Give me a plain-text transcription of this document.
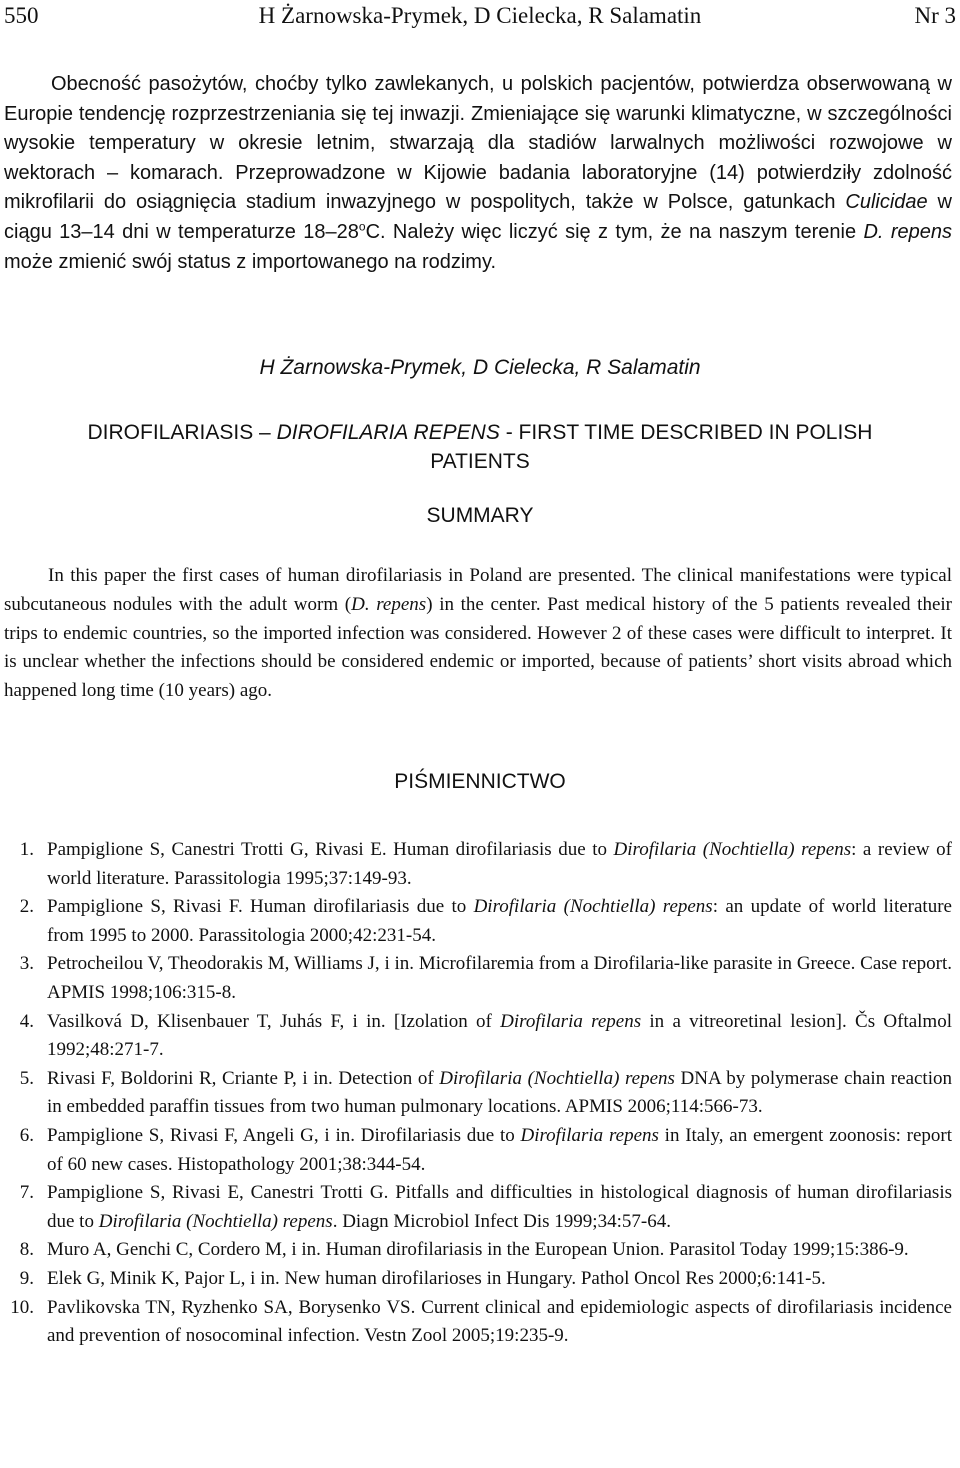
550	H Żarnowska-Prymek, D Cielecka, R Salamatin	Nr 3

Obecność pasożytów, choćby tylko zawlekanych, u polskich pacjentów, potwierdza obserwowaną w Europie tendencję rozprzestrzeniania się tej inwazji. Zmieniające się warunki klimatyczne, w szczególności wysokie temperatury w okresie letnim, stwarzają dla stadiów larwalnych możliwości rozwojowe w wektorach – komarach. Przeprowadzone w Kijowie badania laboratoryjne (14) potwierdziły zdolność mikrofilarii do osiągnięcia stadium inwazyjnego w pospolitych, także w Polsce, gatunkach Culicidae w ciągu 13–14 dni w temperaturze 18–28$^o$C. Należy więc liczyć się z tym, że na naszym terenie D. repens może zmienić swój status z importowanego na rodzimy.

H Żarnowska-Prymek, D Cielecka, R Salamatin
DIROFILARIASIS – DIROFILARIA REPENS - FIRST TIME DESCRIBED IN POLISH PATIENTS
SUMMARY

In this paper the first cases of human dirofilariasis in Poland are presented. The clinical manifestations were typical subcutaneous nodules with the adult worm (D. repens) in the center. Past medical history of the 5 patients revealed their trips to endemic countries, so the imported infection was considered. However 2 of these cases were difficult to interpret. It is unclear whether the infections should be considered endemic or imported, because of patients’ short visits abroad which happened long time (10 years) ago.

PIŚMIENNICTWO
1. Pampiglione S, Canestri Trotti G, Rivasi E. Human dirofilariasis due to Dirofilaria (Nochtiella) repens: a review of world literature. Parassitologia 1995;37:149-93.
2. Pampiglione S, Rivasi F. Human dirofilariasis due to Dirofilaria (Nochtiella) repens: an update of world literature from 1995 to 2000. Parassitologia 2000;42:231-54.
3. Petrocheilou V, Theodorakis M, Williams J, i in. Microfilaremia from a Dirofilaria-like parasite in Greece. Case report. APMIS 1998;106:315-8.
4. Vasilková D, Klisenbauer T, Juhás F, i in. [Izolation of Dirofilaria repens in a vitreoretinal lesion]. Čs Oftalmol 1992;48:271-7.
5. Rivasi F, Boldorini R, Criante P, i in. Detection of Dirofilaria (Nochtiella) repens DNA by polymerase chain reaction in embedded paraffin tissues from two human pulmonary locations. APMIS 2006;114:566-73.
6. Pampiglione S, Rivasi F, Angeli G, i in. Dirofilariasis due to Dirofilaria repens in Italy, an emergent zoonosis: report of 60 new cases. Histopathology 2001;38:344-54.
7. Pampiglione S, Rivasi E, Canestri Trotti G. Pitfalls and difficulties in histological diagnosis of human dirofilariasis due to Dirofilaria (Nochtiella) repens. Diagn Microbiol Infect Dis 1999;34:57-64.
8. Muro A, Genchi C, Cordero M, i in. Human dirofilariasis in the European Union. Parasitol Today 1999;15:386-9.
9. Elek G, Minik K, Pajor L, i in. New human dirofilarioses in Hungary. Pathol Oncol Res 2000;6:141-5.
10. Pavlikovska TN, Ryzhenko SA, Borysenko VS. Current clinical and epidemiologic aspects of dirofilariasis incidence and prevention of nosocominal infection. Vestn Zool 2005;19:235-9.
